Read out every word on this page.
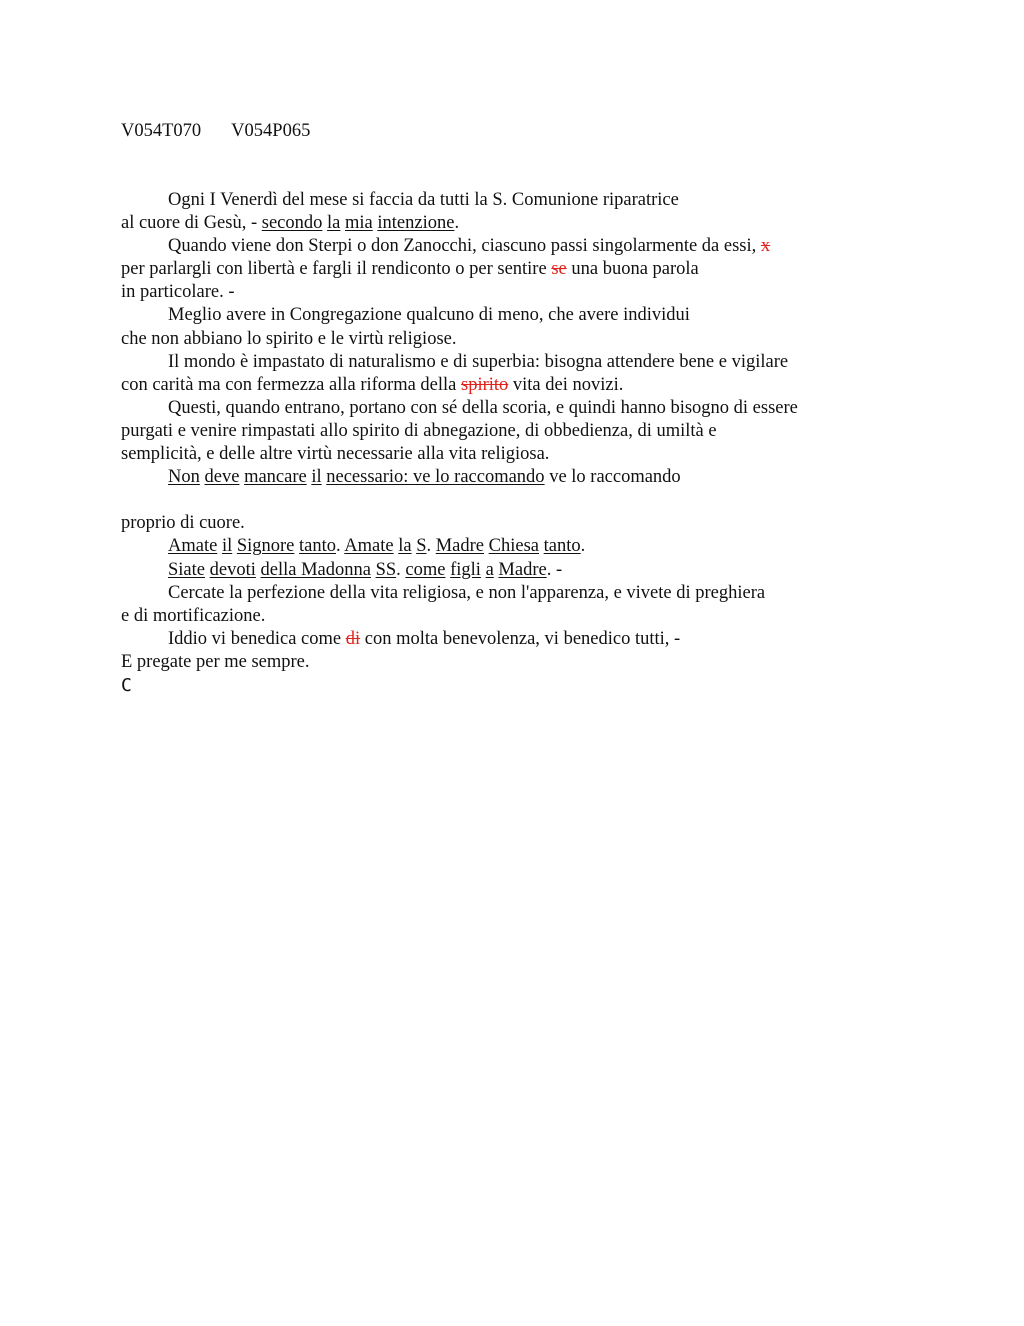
V054T070 V054P065
Ogni I Venerdì del mese si faccia da tutti la S. Comunione riparatrice
al cuore di Gesù, - secondo la mia intenzione.
Quando viene don Sterpi o don Zanocchi, ciascuno passi singolarmente da essi, x
per parlargli con libertà e fargli il rendiconto o per sentire se una buona parola
in particolare. -
Meglio avere in Congregazione qualcuno di meno, che avere individui
che non abbiano lo spirito e le virtù religiose.
Il mondo è impastato di naturalismo e di superbia: bisogna attendere bene e vigilare
con carità ma con fermezza alla riforma della spirito vita dei novizi.
Questi, quando entrano, portano con sé della scoria, e quindi hanno bisogno di essere
purgati e venire rimpastati allo spirito di abnegazione, di obbedienza, di umiltà e
semplicità, e delle altre virtù necessarie alla vita religiosa.
Non deve mancare il necessario: ve lo raccomando ve lo raccomando
proprio di cuore.
Amate il Signore tanto. Amate la S. Madre Chiesa tanto.
Siate devoti della Madonna SS. come figli a Madre. -
Cercate la perfezione della vita religiosa, e non l'apparenza, e vivete di preghiera
e di mortificazione.
Iddio vi benedica come di con molta benevolenza, vi benedico tutti, -
E pregate per me sempre.
C
